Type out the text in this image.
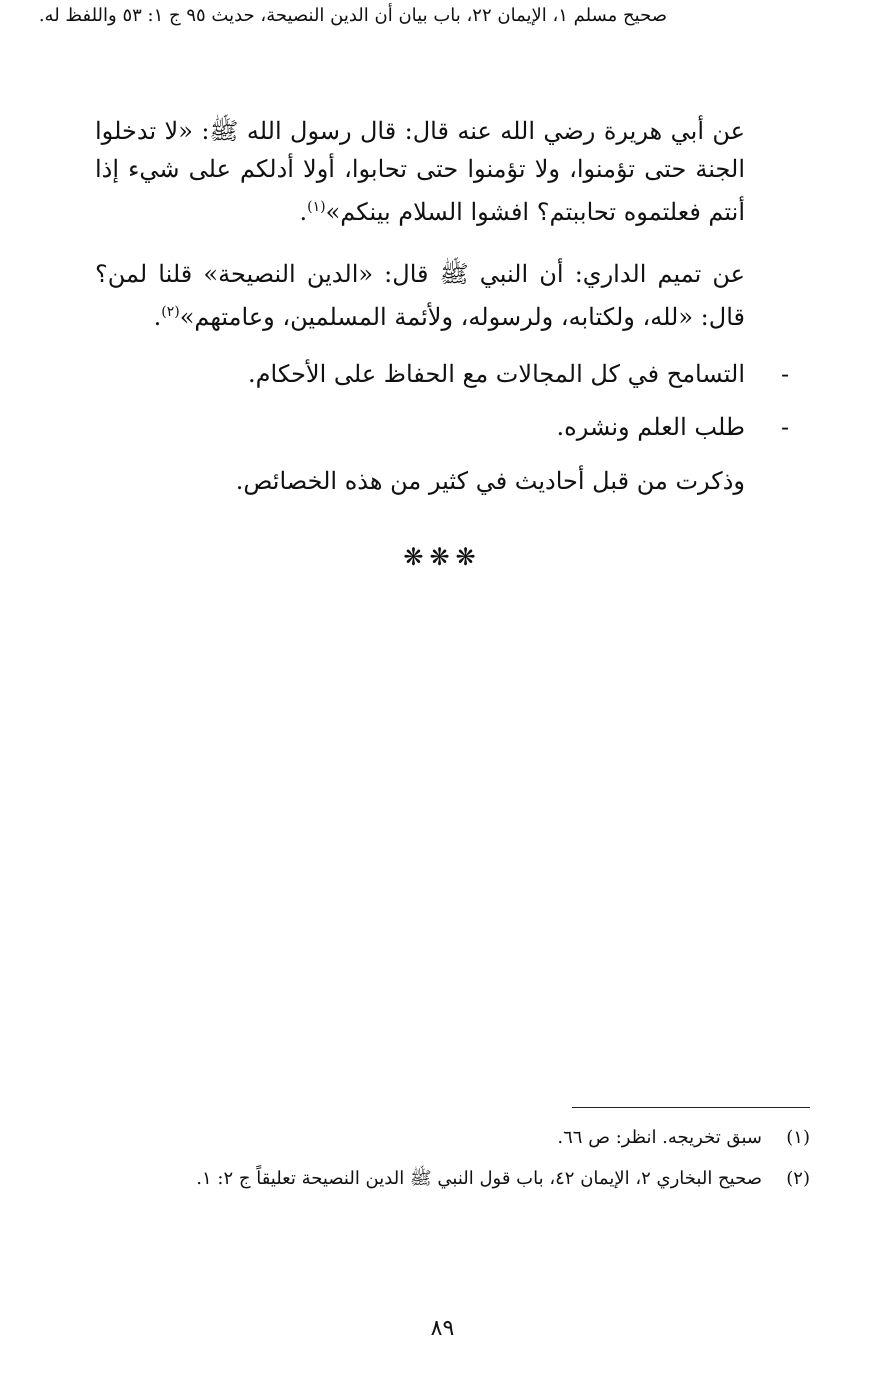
عن أبي هريرة رضي الله عنه قال: قال رسول الله ﷺ: «لا تدخلوا الجنة حتى تؤمنوا، ولا تؤمنوا حتى تحابوا، أولا أدلكم على شيء إذا أنتم فعلتموه تحاببتم؟ افشوا السلام بينكم»$^{(١)}$.
عن تميم الداري: أن النبي ﷺ قال: «الدين النصيحة» قلنا لمن؟ قال: «لله، ولكتابه، ولرسوله، ولأئمة المسلمين، وعامتهم»$^{(٢)}$.
-
التسامح في كل المجالات مع الحفاظ على الأحكام.
-
طلب العلم ونشره.
وذكرت من قبل أحاديث في كثير من هذه الخصائص.
❋❋❋
(١)
سبق تخريجه. انظر: ص ٦٦.
(٢)
صحيح البخاري ٢، الإيمان ٤٢، باب قول النبي ﷺ الدين النصيحة تعليقاً ج ٢: ١.
صحيح مسلم ١، الإيمان ٢٢، باب بيان أن الدين النصيحة، حديث ٩٥ ج ١: ٥٣ واللفظ له.
٨٩
